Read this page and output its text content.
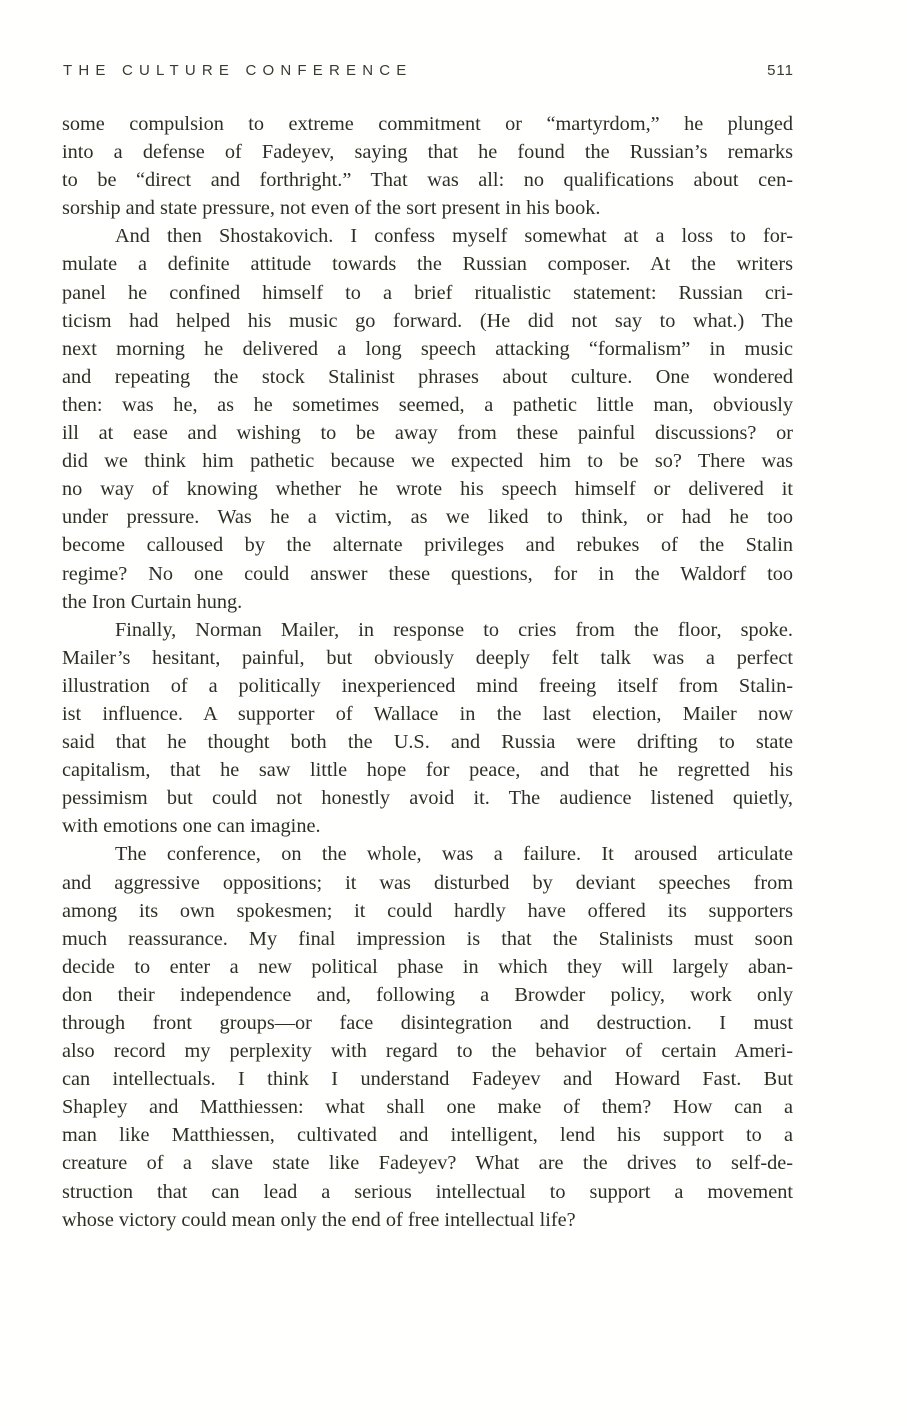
THE CULTURE CONFERENCE	511

some compulsion to extreme commitment or “martyrdom,” he plunged
into a defense of Fadeyev, saying that he found the Russian’s remarks
to be “direct and forthright.” That was all: no qualifications about cen-
sorship and state pressure, not even of the sort present in his book.

And then Shostakovich. I confess myself somewhat at a loss to for-
mulate a definite attitude towards the Russian composer. At the writers
panel he confined himself to a brief ritualistic statement: Russian cri-
ticism had helped his music go forward. (He did not say to what.) The
next morning he delivered a long speech attacking “formalism” in music
and repeating the stock Stalinist phrases about culture. One wondered
then: was he, as he sometimes seemed, a pathetic little man, obviously
ill at ease and wishing to be away from these painful discussions? or
did we think him pathetic because we expected him to be so? There was
no way of knowing whether he wrote his speech himself or delivered it
under pressure. Was he a victim, as we liked to think, or had he too
become calloused by the alternate privileges and rebukes of the Stalin
regime? No one could answer these questions, for in the Waldorf too
the Iron Curtain hung.

Finally, Norman Mailer, in response to cries from the floor, spoke.
Mailer’s hesitant, painful, but obviously deeply felt talk was a perfect
illustration of a politically inexperienced mind freeing itself from Stalin-
ist influence. A supporter of Wallace in the last election, Mailer now
said that he thought both the U.S. and Russia were drifting to state
capitalism, that he saw little hope for peace, and that he regretted his
pessimism but could not honestly avoid it. The audience listened quietly,
with emotions one can imagine.

The conference, on the whole, was a failure. It aroused articulate
and aggressive oppositions; it was disturbed by deviant speeches from
among its own spokesmen; it could hardly have offered its supporters
much reassurance. My final impression is that the Stalinists must soon
decide to enter a new political phase in which they will largely aban-
don their independence and, following a Browder policy, work only
through front groups—or face disintegration and destruction. I must
also record my perplexity with regard to the behavior of certain Ameri-
can intellectuals. I think I understand Fadeyev and Howard Fast. But
Shapley and Matthiessen: what shall one make of them? How can a
man like Matthiessen, cultivated and intelligent, lend his support to a
creature of a slave state like Fadeyev? What are the drives to self-de-
struction that can lead a serious intellectual to support a movement
whose victory could mean only the end of free intellectual life?
